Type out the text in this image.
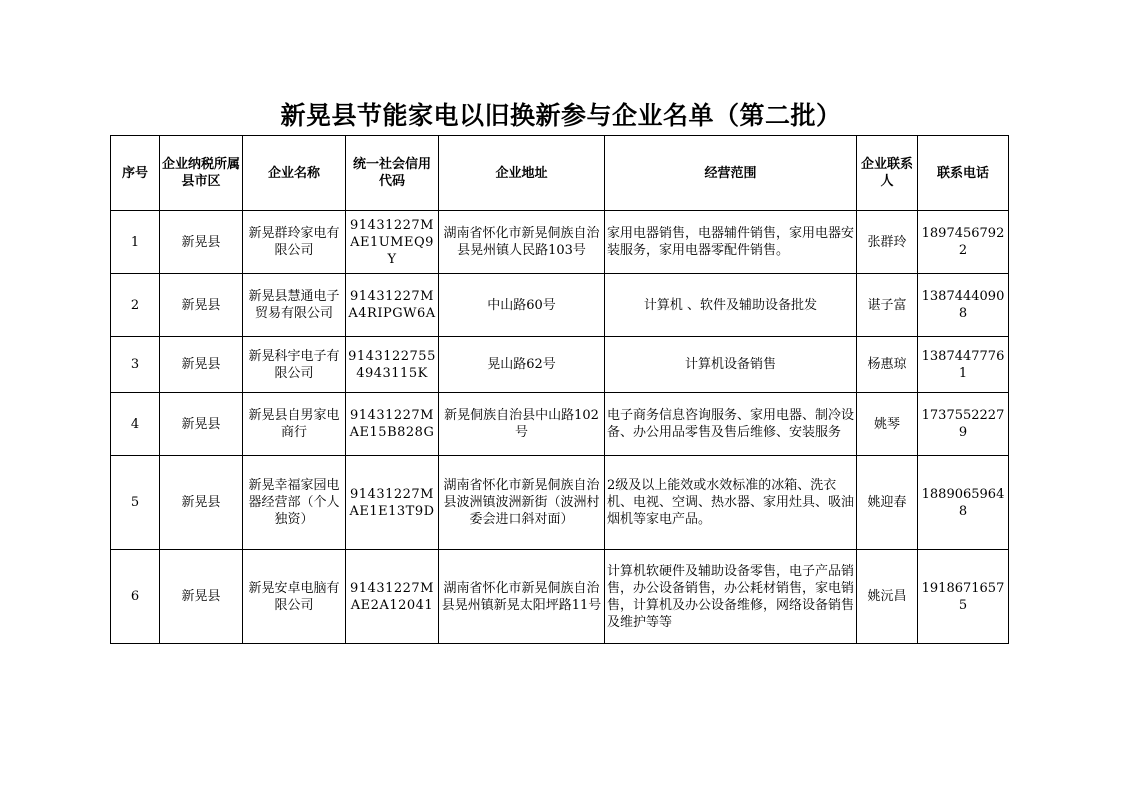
新晃县节能家电以旧换新参与企业名单（第二批）
序号	企业纳税所属县市区	企业名称	统一社会信用代码	企业地址	经营范围	企业联系人	联系电话
1	新晃县	新晃群玲家电有限公司	91431227MAE1UMEQ9Y	湖南省怀化市新晃侗族自治县晃州镇人民路103号	家用电器销售，电器辅件销售，家用电器安装服务，家用电器零配件销售。	张群玲	18974567922
2	新晃县	新晃县慧通电子贸易有限公司	91431227MA4RIPGW6A	中山路60号	计算机 、软件及辅助设备批发	谌子富	13874440908
3	新晃县	新晃科宇电子有限公司	91431227554943115K	晃山路62号	计算机设备销售	杨惠琼	13874477761
4	新晃县	新晃县自男家电商行	91431227MAE15B828G	新晃侗族自治县中山路102号	电子商务信息咨询服务、家用电器、制冷设备、办公用品零售及售后维修、安装服务	姚琴	17375522279
5	新晃县	新晃幸福家园电器经营部（个人独资）	91431227MAE1E13T9D	湖南省怀化市新晃侗族自治县波洲镇波洲新街（波洲村委会进口斜对面）	2级及以上能效或水效标准的冰箱、洗衣机、电视、空调、热水器、家用灶具、吸油烟机等家电产品。	姚迎春	18890659648
6	新晃县	新晃安卓电脑有限公司	91431227MAE2A12041	湖南省怀化市新晃侗族自治县晃州镇新晃太阳坪路11号	计算机软硬件及辅助设备零售，电子产品销售，办公设备销售，办公耗材销售，家电销售，计算机及办公设备维修，网络设备销售及维护等等	姚沅昌	19186716575
